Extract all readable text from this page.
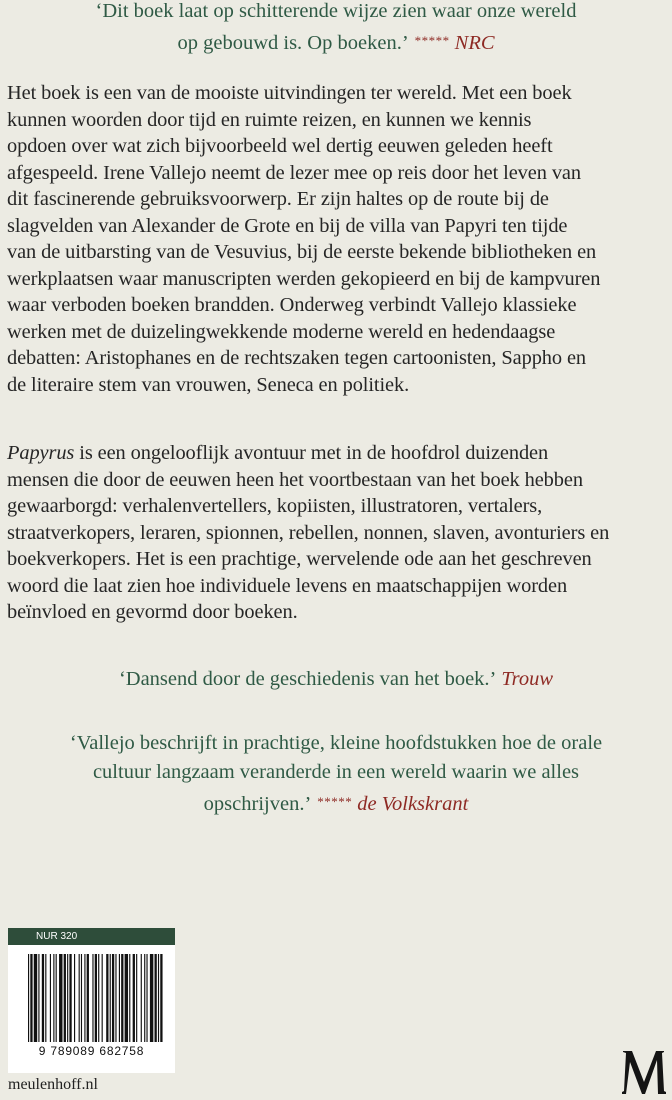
‘Dit boek laat op schitterende wijze zien waar onze wereld
op gebouwd is. Op boeken.’ ***** NRC
Het boek is een van de mooiste uitvindingen ter wereld. Met een boek
kunnen woorden door tijd en ruimte reizen, en kunnen we kennis
opdoen over wat zich bijvoorbeeld wel dertig eeuwen geleden heeft
afgespeeld. Irene Vallejo neemt de lezer mee op reis door het leven van
dit fascinerende gebruiksvoorwerp. Er zijn haltes op de route bij de
slagvelden van Alexander de Grote en bij de villa van Papyri ten tijde
van de uitbarsting van de Vesuvius, bij de eerste bekende bibliotheken en
werkplaatsen waar manuscripten werden gekopieerd en bij de kampvuren
waar verboden boeken brandden. Onderweg verbindt Vallejo klassieke
werken met de duizelingwekkende moderne wereld en hedendaagse
debatten: Aristophanes en de rechtszaken tegen cartoonisten, Sappho en
de literaire stem van vrouwen, Seneca en politiek.
Papyrus is een ongelooflijk avontuur met in de hoofdrol duizenden
mensen die door de eeuwen heen het voortbestaan van het boek hebben
gewaarborgd: verhalenvertellers, kopiisten, illustratoren, vertalers,
straatverkopers, leraren, spionnen, rebellen, nonnen, slaven, avonturiers en
boekverkopers. Het is een prachtige, wervelende ode aan het geschreven
woord die laat zien hoe individuele levens en maatschappijen worden
beïnvloed en gevormd door boeken.
‘Dansend door de geschiedenis van het boek.’ Trouw
‘Vallejo beschrijft in prachtige, kleine hoofdstukken hoe de orale
cultuur langzaam veranderde in een wereld waarin we alles
opschrijven.’ ***** de Volkskrant
NUR 320
9 789089 682758
meulenhoff.nl
